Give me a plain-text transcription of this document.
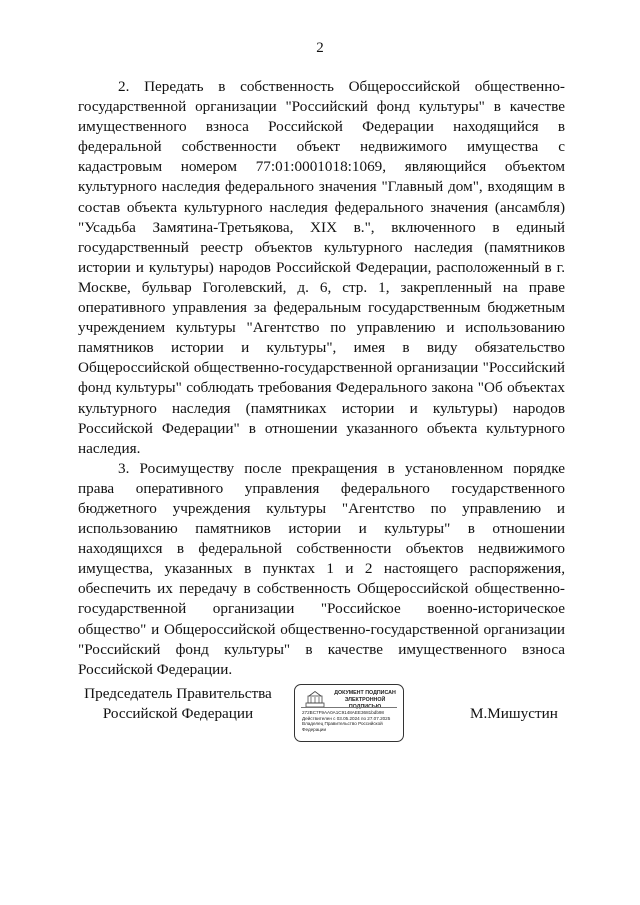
2

2. Передать в собственность Общероссийской общественно-государственной организации "Российский фонд культуры" в качестве имущественного взноса Российской Федерации находящийся в федеральной собственности объект недвижимого имущества с кадастровым номером 77:01:0001018:1069, являющийся объектом культурного наследия федерального значения "Главный дом", входящим в состав объекта культурного наследия федерального значения (ансамбля) "Усадьба Замятина-Третьякова, XIX в.", включенного в единый государственный реестр объектов культурного наследия (памятников истории и культуры) народов Российской Федерации, расположенный в г. Москве, бульвар Гоголевский, д. 6, стр. 1, закрепленный на праве оперативного управления за федеральным государственным бюджетным учреждением культуры "Агентство по управлению и использованию памятников истории и культуры", имея в виду обязательство Общероссийской общественно-государственной организации "Российский фонд культуры" соблюдать требования Федерального закона "Об объектах культурного наследия (памятниках истории и культуры) народов Российской Федерации" в отношении указанного объекта культурного наследия.

3. Росимуществу после прекращения в установленном порядке права оперативного управления федерального государственного бюджетного учреждения культуры "Агентство по управлению и использованию памятников истории и культуры" в отношении находящихся в федеральной собственности объектов недвижимого имущества, указанных в пунктах 1 и 2 настоящего распоряжения, обеспечить их передачу в собственность Общероссийской общественно-государственной организации "Российское военно-историческое общество" и Общероссийской общественно-государственной организации "Российский фонд культуры" в качестве имущественного взноса Российской Федерации.

Председатель Правительства
Российской Федерации
ДОКУМЕНТ ПОДПИСАН
ЭЛЕКТРОННОЙ ПОДПИСЬЮ
272BC7F9AA0A1C9148AEE3681bdb98
Действителен с 03.05.2024 по 27.07.2025
Владелец Правительство Российской
Федерации
М.Мишустин
